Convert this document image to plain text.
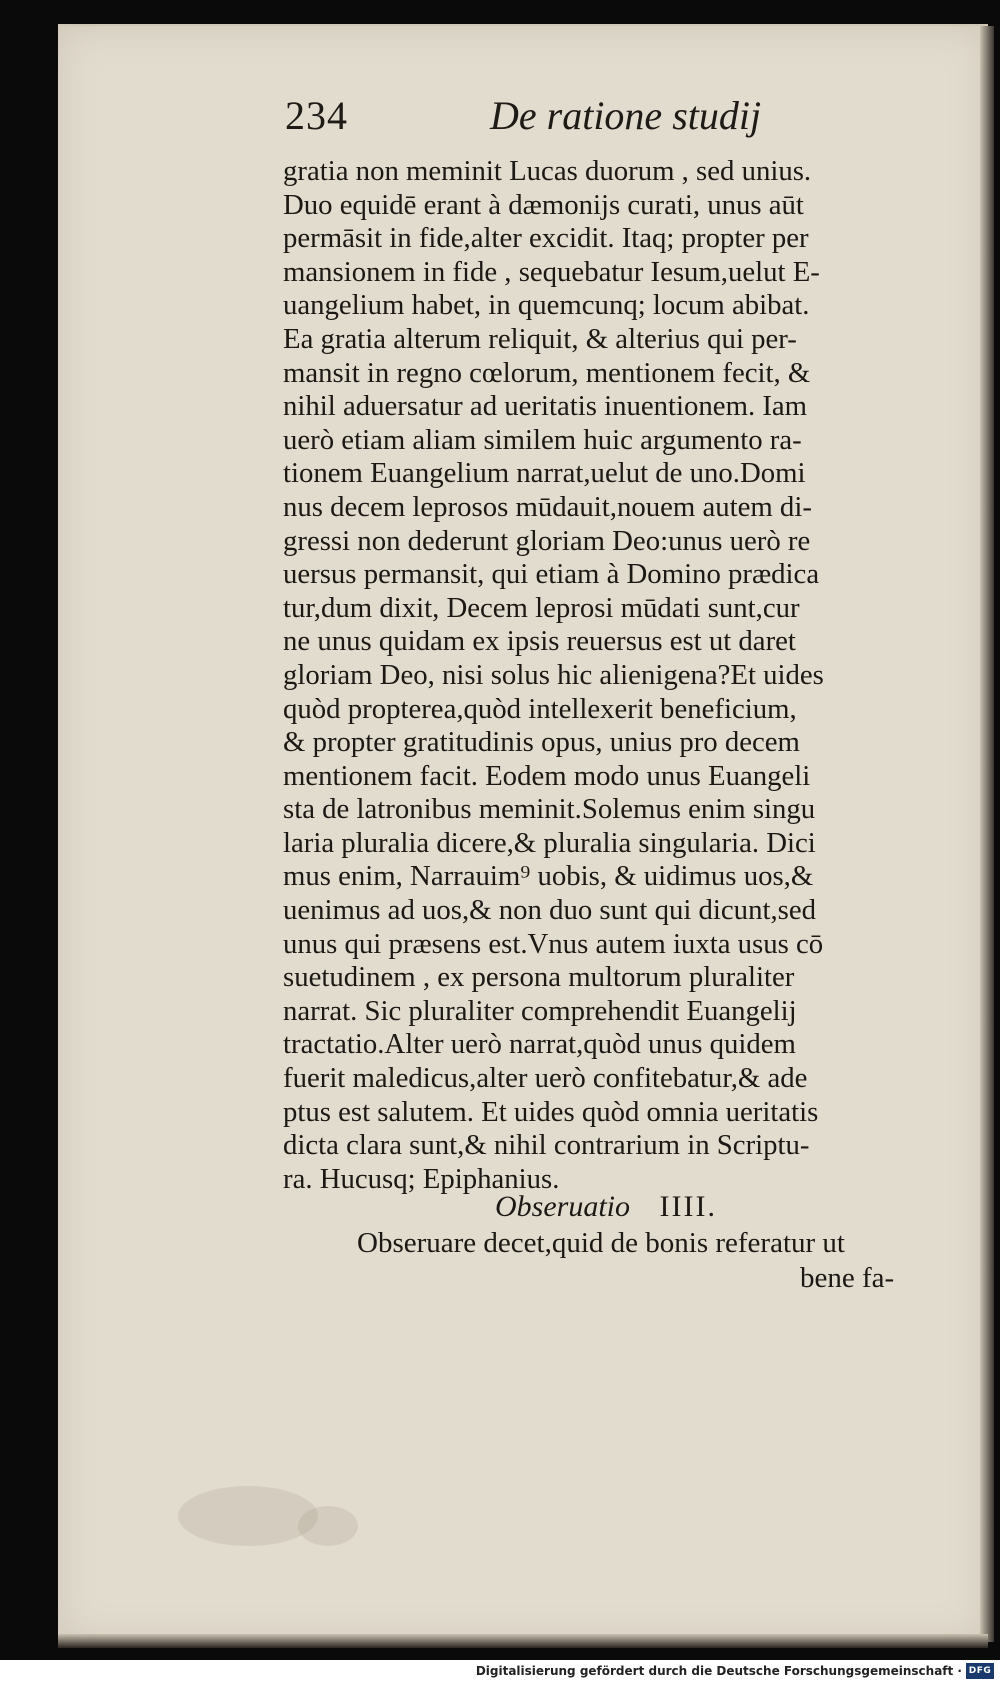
234	De ratione studij
gratia non meminit Lucas duorum , sed unius.
Duo equidē erant à dæmonijs curati, unus aūt
permāsit in fide,alter excidit. Itaq; propter per
mansionem in fide , sequebatur Iesum,uelut E-
uangelium habet, in quemcunq; locum abibat.
Ea gratia alterum reliquit, & alterius qui per-
mansit in regno cœlorum, mentionem fecit, &
nihil aduersatur ad ueritatis inuentionem. Iam
uerò etiam aliam similem huic argumento ra-
tionem Euangelium narrat,uelut de uno.Domi
nus decem leprosos mūdauit,nouem autem di-
gressi non dederunt gloriam Deo:unus uerò re
uersus permansit, qui etiam à Domino prædica
tur,dum dixit, Decem leprosi mūdati sunt,cur
ne unus quidam ex ipsis reuersus est ut daret
gloriam Deo, nisi solus hic alienigena?Et uides
quòd propterea,quòd intellexerit beneficium,
& propter gratitudinis opus, unius pro decem
mentionem facit. Eodem modo unus Euangeli
sta de latronibus meminit.Solemus enim singu
laria pluralia dicere,& pluralia singularia. Dici
mus enim, Narrauim⁹ uobis, & uidimus uos,&
uenimus ad uos,& non duo sunt qui dicunt,sed
unus qui præsens est.Vnus autem iuxta usus cō
suetudinem , ex persona multorum pluraliter
narrat. Sic pluraliter comprehendit Euangelij
tractatio.Alter uerò narrat,quòd unus quidem
fuerit maledicus,alter uerò confitebatur,& ade
ptus est salutem. Et uides quòd omnia ueritatis
dicta clara sunt,& nihil contrarium in Scriptu-
ra. Hucusq; Epiphanius.
Obseruatio IIII.
Obseruare decet,quid de bonis referatur ut
bene fa-
Digitalisierung gefördert durch die Deutsche Forschungsgemeinschaft · DFG
